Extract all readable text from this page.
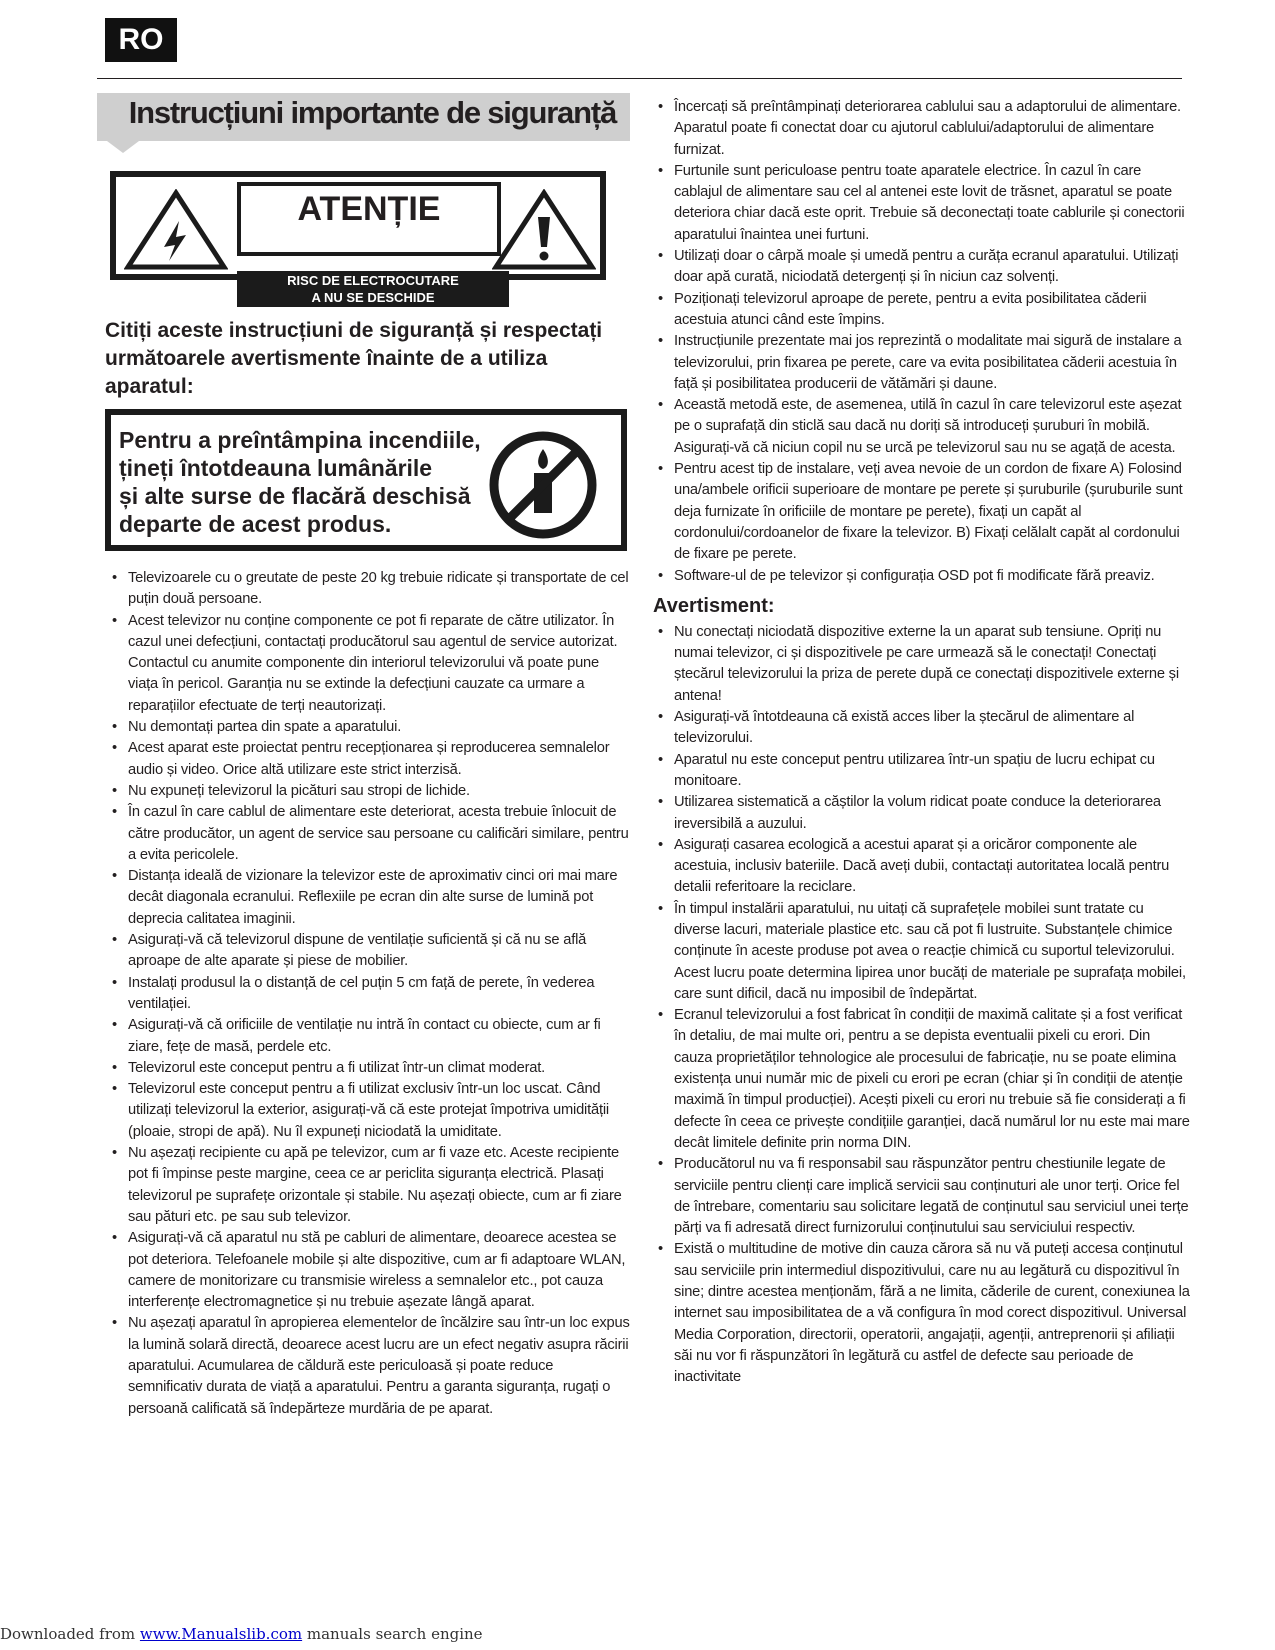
RO
Instrucțiuni importante de siguranță
ATENȚIE
RISC DE ELECTROCUTARE
A NU SE DESCHIDE
Citiți aceste instrucțiuni de siguranță și respectați următoarele avertismente înainte de a utiliza aparatul:
Pentru a preîntâmpina incendiile,
țineți întotdeauna lumânările
și alte surse de flacără deschisă
departe de acest produs.
• Televizoarele cu o greutate de peste 20 kg trebuie ridicate și transportate de cel puțin două persoane.
• Acest televizor nu conține componente ce pot fi reparate de către utilizator. În cazul unei defecțiuni, contactați producătorul sau agentul de service autorizat. Contactul cu anumite componente din interiorul televizorului vă poate pune viața în pericol. Garanția nu se extinde la defecțiuni cauzate ca urmare a reparațiilor efectuate de terți neautorizați.
• Nu demontați partea din spate a aparatului.
• Acest aparat este proiectat pentru recepționarea și reproducerea semnalelor audio și video. Orice altă utilizare este strict interzisă.
• Nu expuneți televizorul la picături sau stropi de lichide.
• În cazul în care cablul de alimentare este deteriorat, acesta trebuie înlocuit de către producător, un agent de service sau persoane cu calificări similare, pentru a evita pericolele.
• Distanța ideală de vizionare la televizor este de aproximativ cinci ori mai mare decât diagonala ecranului. Reflexiile pe ecran din alte surse de lumină pot deprecia calitatea imaginii.
• Asigurați-vă că televizorul dispune de ventilație suficientă și că nu se află aproape de alte aparate și piese de mobilier.
• Instalați produsul la o distanță de cel puțin 5 cm față de perete, în vederea ventilației.
• Asigurați-vă că orificiile de ventilație nu intră în contact cu obiecte, cum ar fi ziare, fețe de masă, perdele etc.
• Televizorul este conceput pentru a fi utilizat într-un climat moderat.
• Televizorul este conceput pentru a fi utilizat exclusiv într-un loc uscat. Când utilizați televizorul la exterior, asigurați-vă că este protejat împotriva umidității (ploaie, stropi de apă). Nu îl expuneți niciodată la umiditate.
• Nu așezați recipiente cu apă pe televizor, cum ar fi vaze etc. Aceste recipiente pot fi împinse peste margine, ceea ce ar periclita siguranța electrică. Plasați televizorul pe suprafețe orizontale și stabile. Nu așezați obiecte, cum ar fi ziare sau pături etc. pe sau sub televizor.
• Asigurați-vă că aparatul nu stă pe cabluri de alimentare, deoarece acestea se pot deteriora. Telefoanele mobile și alte dispozitive, cum ar fi adaptoare WLAN, camere de monitorizare cu transmisie wireless a semnalelor etc., pot cauza interferențe electromagnetice și nu trebuie așezate lângă aparat.
• Nu așezați aparatul în apropierea elementelor de încălzire sau într-un loc expus la lumină solară directă, deoarece acest lucru are un efect negativ asupra răcirii aparatului. Acumularea de căldură este periculoasă și poate reduce semnificativ durata de viață a aparatului. Pentru a garanta siguranța, rugați o persoană calificată să îndepărteze murdăria de pe aparat.
• Încercați să preîntâmpinați deteriorarea cablului sau a adaptorului de alimentare. Aparatul poate fi conectat doar cu ajutorul cablului/adaptorului de alimentare furnizat.
• Furtunile sunt periculoase pentru toate aparatele electrice. În cazul în care cablajul de alimentare sau cel al antenei este lovit de trăsnet, aparatul se poate deteriora chiar dacă este oprit. Trebuie să deconectați toate cablurile și conectorii aparatului înaintea unei furtuni.
• Utilizați doar o cârpă moale și umedă pentru a curăța ecranul aparatului. Utilizați doar apă curată, niciodată detergenți și în niciun caz solvenți.
• Poziționați televizorul aproape de perete, pentru a evita posibilitatea căderii acestuia atunci când este împins.
• Instrucțiunile prezentate mai jos reprezintă o modalitate mai sigură de instalare a televizorului, prin fixarea pe perete, care va evita posibilitatea căderii acestuia în față și posibilitatea producerii de vătămări și daune.
• Această metodă este, de asemenea, utilă în cazul în care televizorul este așezat pe o suprafață din sticlă sau dacă nu doriți să introduceți șuruburi în mobilă. Asigurați-vă că niciun copil nu se urcă pe televizorul sau nu se agață de acesta.
• Pentru acest tip de instalare, veți avea nevoie de un cordon de fixare A) Folosind una/ambele orificii superioare de montare pe perete și șuruburile (șuruburile sunt deja furnizate în orificiile de montare pe perete), fixați un capăt al cordonului/cordoanelor de fixare la televizor. B) Fixați celălalt capăt al cordonului de fixare pe perete.
• Software-ul de pe televizor și configurația OSD pot fi modificate fără preaviz.
Avertisment:
• Nu conectați niciodată dispozitive externe la un aparat sub tensiune. Opriți nu numai televizor, ci și dispozitivele pe care urmează să le conectați! Conectați ștecărul televizorului la priza de perete după ce conectați dispozitivele externe și antena!
• Asigurați-vă întotdeauna că există acces liber la ștecărul de alimentare al televizorului.
• Aparatul nu este conceput pentru utilizarea într-un spațiu de lucru echipat cu monitoare.
• Utilizarea sistematică a căștilor la volum ridicat poate conduce la deteriorarea ireversibilă a auzului.
• Asigurați casarea ecologică a acestui aparat și a oricăror componente ale acestuia, inclusiv bateriile. Dacă aveți dubii, contactați autoritatea locală pentru detalii referitoare la reciclare.
• În timpul instalării aparatului, nu uitați că suprafețele mobilei sunt tratate cu diverse lacuri, materiale plastice etc. sau că pot fi lustruite. Substanțele chimice conținute în aceste produse pot avea o reacție chimică cu suportul televizorului. Acest lucru poate determina lipirea unor bucăți de materiale pe suprafața mobilei, care sunt dificil, dacă nu imposibil de îndepărtat.
• Ecranul televizorului a fost fabricat în condiții de maximă calitate și a fost verificat în detaliu, de mai multe ori, pentru a se depista eventualii pixeli cu erori. Din cauza proprietăților tehnologice ale procesului de fabricație, nu se poate elimina existența unui număr mic de pixeli cu erori pe ecran (chiar și în condiții de atenție maximă în timpul producției). Acești pixeli cu erori nu trebuie să fie considerați a fi defecte în ceea ce privește condițiile garanției, dacă numărul lor nu este mai mare decât limitele definite prin norma DIN.
• Producătorul nu va fi responsabil sau răspunzător pentru chestiunile legate de serviciile pentru clienți care implică servicii sau conținuturi ale unor terți. Orice fel de întrebare, comentariu sau solicitare legată de conținutul sau serviciul unei terțe părți va fi adresată direct furnizorului conținutului sau serviciului respectiv.
• Există o multitudine de motive din cauza cărora să nu vă puteți accesa conținutul sau serviciile prin intermediul dispozitivului, care nu au legătură cu dispozitivul în sine; dintre acestea menționăm, fără a ne limita, căderile de curent, conexiunea la internet sau imposibilitatea de a vă configura în mod corect dispozitivul. Universal Media Corporation, directorii, operatorii, angajații, agenții, antreprenorii și afiliații săi nu vor fi răspunzători în legătură cu astfel de defecte sau perioade de inactivitate
Downloaded from www.Manualslib.com manuals search engine
